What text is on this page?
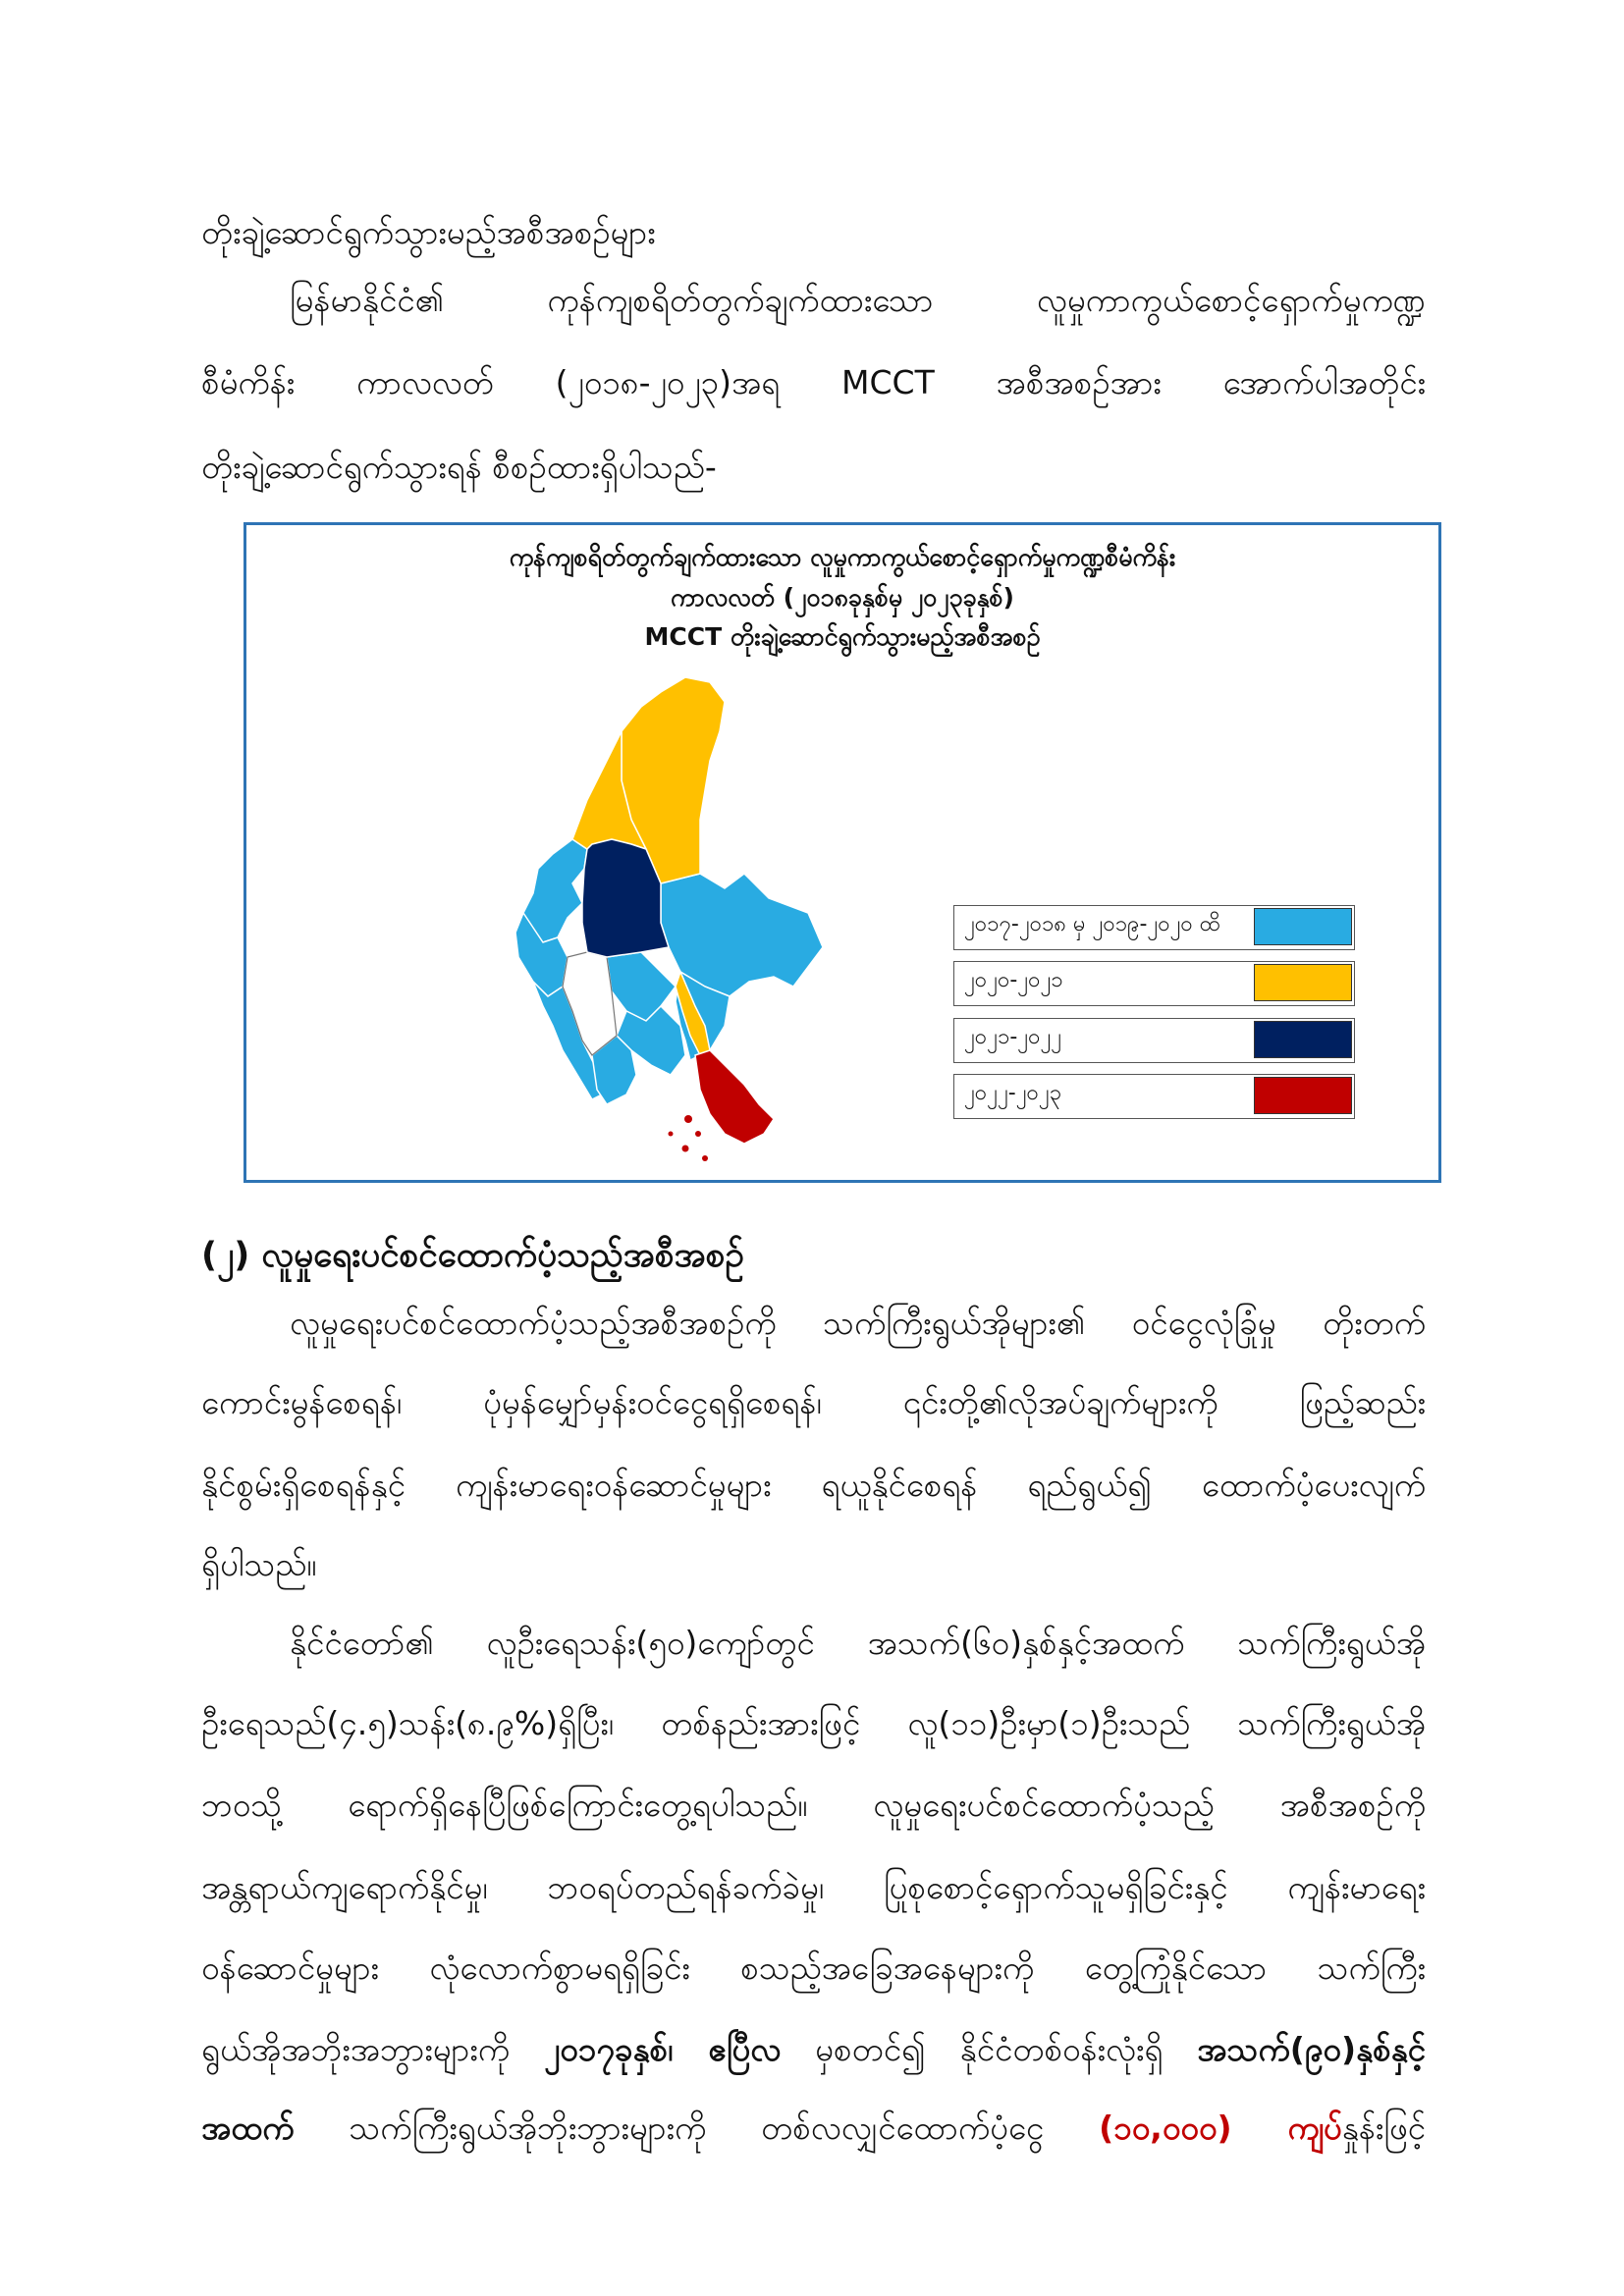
တိုးချဲ့ဆောင်ရွက်သွားမည့်အစီအစဉ်များ
မြန်မာနိုင်ငံ၏ ကုန်ကျစရိတ်တွက်ချက်ထားသော လူမှုကာကွယ်စောင့်ရှောက်မှုကဏ္ဍ
စီမံကိန်း ကာလလတ် (၂၀၁၈-၂၀၂၃)အရ MCCT အစီအစဉ်အား အောက်ပါအတိုင်း
တိုးချဲ့ဆောင်ရွက်သွားရန် စီစဉ်ထားရှိပါသည်-
ကုန်ကျစရိတ်တွက်ချက်ထားသော လူမှုကာကွယ်စောင့်ရှောက်မှုကဏ္ဍစီမံကိန်း
ကာလလတ် (၂၀၁၈ခုနှစ်မှ ၂၀၂၃ခုနှစ်)
MCCT တိုးချဲ့ဆောင်ရွက်သွားမည့်အစီအစဉ်
၂၀၁၇-၂၀၁၈ မှ ၂၀၁၉-၂၀၂၀ ထိ
၂၀၂၀-၂၀၂၁
၂၀၂၁-၂၀၂၂
၂၀၂၂-၂၀၂၃
(၂) လူမှုရေးပင်စင်ထောက်ပံ့သည့်အစီအစဉ်
လူမှုရေးပင်စင်ထောက်ပံ့သည့်အစီအစဉ်ကို သက်ကြီးရွယ်အိုများ၏ ဝင်ငွေလုံခြုံမှု တိုးတက်
ကောင်းမွန်စေရန်၊ ပုံမှန်မျှော်မှန်းဝင်ငွေရရှိစေရန်၊ ၎င်းတို့၏လိုအပ်ချက်များကို ဖြည့်ဆည်း
နိုင်စွမ်းရှိစေရန်နှင့် ကျန်းမာရေးဝန်ဆောင်မှုများ ရယူနိုင်စေရန် ရည်ရွယ်၍ ထောက်ပံ့ပေးလျက်
ရှိပါသည်။
နိုင်ငံတော်၏ လူဦးရေသန်း(၅၀)ကျော်တွင် အသက်(၆၀)နှစ်နှင့်အထက် သက်ကြီးရွယ်အို
ဦးရေသည်(၄.၅)သန်း(၈.၉%)ရှိပြီး၊ တစ်နည်းအားဖြင့် လူ(၁၁)ဦးမှာ(၁)ဦးသည် သက်ကြီးရွယ်အို
ဘဝသို့ ရောက်ရှိနေပြီဖြစ်ကြောင်းတွေ့ရပါသည်။ လူမှုရေးပင်စင်ထောက်ပံ့သည့် အစီအစဉ်ကို
အန္တရာယ်ကျရောက်နိုင်မှု၊ ဘဝရပ်တည်ရန်ခက်ခဲမှု၊ ပြုစုစောင့်ရှောက်သူမရှိခြင်းနှင့် ကျန်းမာရေး
ဝန်ဆောင်မှုများ လုံလောက်စွာမရရှိခြင်း စသည့်အခြေအနေများကို တွေ့ကြုံနိုင်သော သက်ကြီး
ရွယ်အိုအဘိုးအဘွားများကို ၂၀၁၇ခုနှစ်၊ ဧပြီလ မှစတင်၍ နိုင်ငံတစ်ဝန်းလုံးရှိ အသက်(၉၀)နှစ်နှင့်
အထက် သက်ကြီးရွယ်အိုဘိုးဘွားများကို တစ်လလျှင်ထောက်ပံ့ငွေ (၁၀,၀၀၀) ကျပ်နှုန်းဖြင့်
